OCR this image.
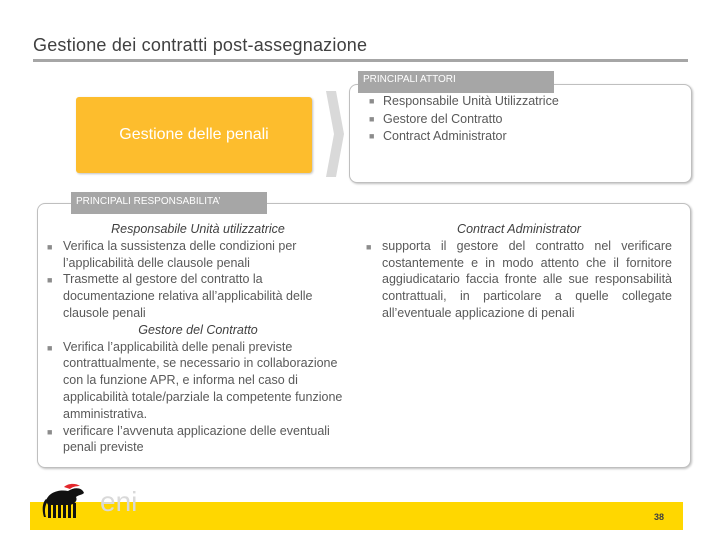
Gestione dei contratti post-assegnazione
PRINCIPALI ATTORI
■ Responsabile Unità Utilizzatrice
■ Gestore del Contratto
■ Contract Administrator
Gestione delle penali
PRINCIPALI RESPONSABILITA’
Responsabile Unità utilizzatrice
■ Verifica la sussistenza delle condizioni per l’applicabilità delle clausole penali
■ Trasmette al gestore del contratto la documentazione relativa all’applicabilità delle clausole penali
Gestore del Contratto
■ Verifica l’applicabilità delle penali previste contrattualmente, se necessario in collaborazione con la funzione APR, e informa nel caso di applicabilità totale/parziale la competente funzione amministrativa.
■ verificare l’avvenuta applicazione delle eventuali penali previste
Contract Administrator
■ supporta il gestore del contratto nel verificare costantemente e in modo attento che il fornitore aggiudicatario faccia fronte alle sue responsabilità contrattuali, in particolare a quelle collegate all’eventuale applicazione di penali
38
eni
